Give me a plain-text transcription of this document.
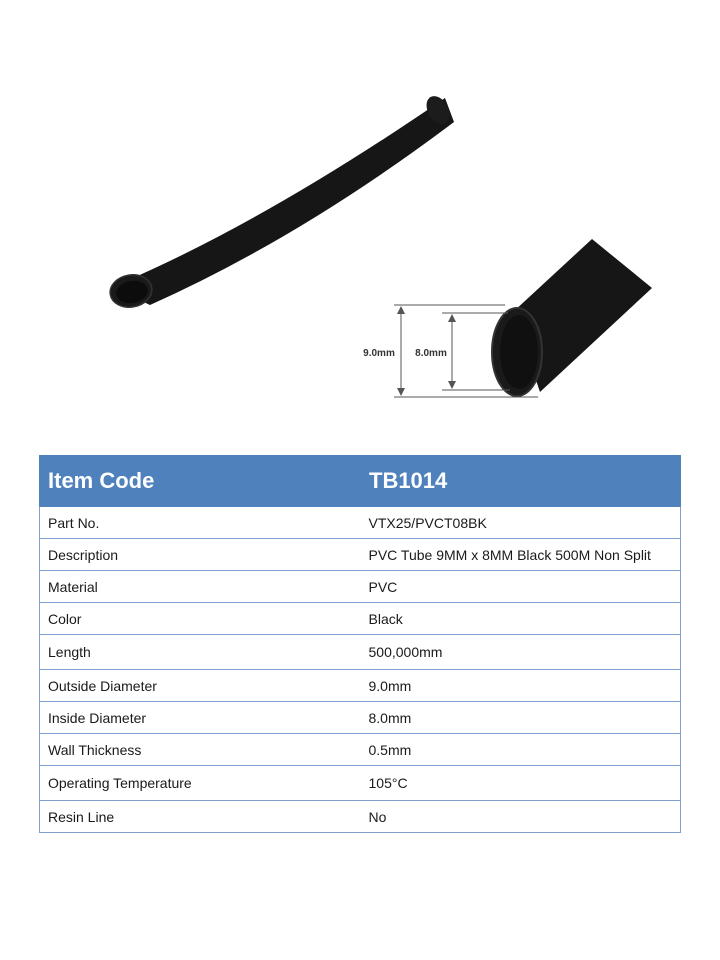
9.0mm 8.0mm
Item Code	TB1014
Part No.	VTX25/PVCT08BK
Description	PVC Tube 9MM x 8MM Black 500M Non Split
Material	PVC
Color	Black
Length	500,000mm
Outside Diameter	9.0mm
Inside Diameter	8.0mm
Wall Thickness	0.5mm
Operating Temperature	105°C
Resin Line	No
